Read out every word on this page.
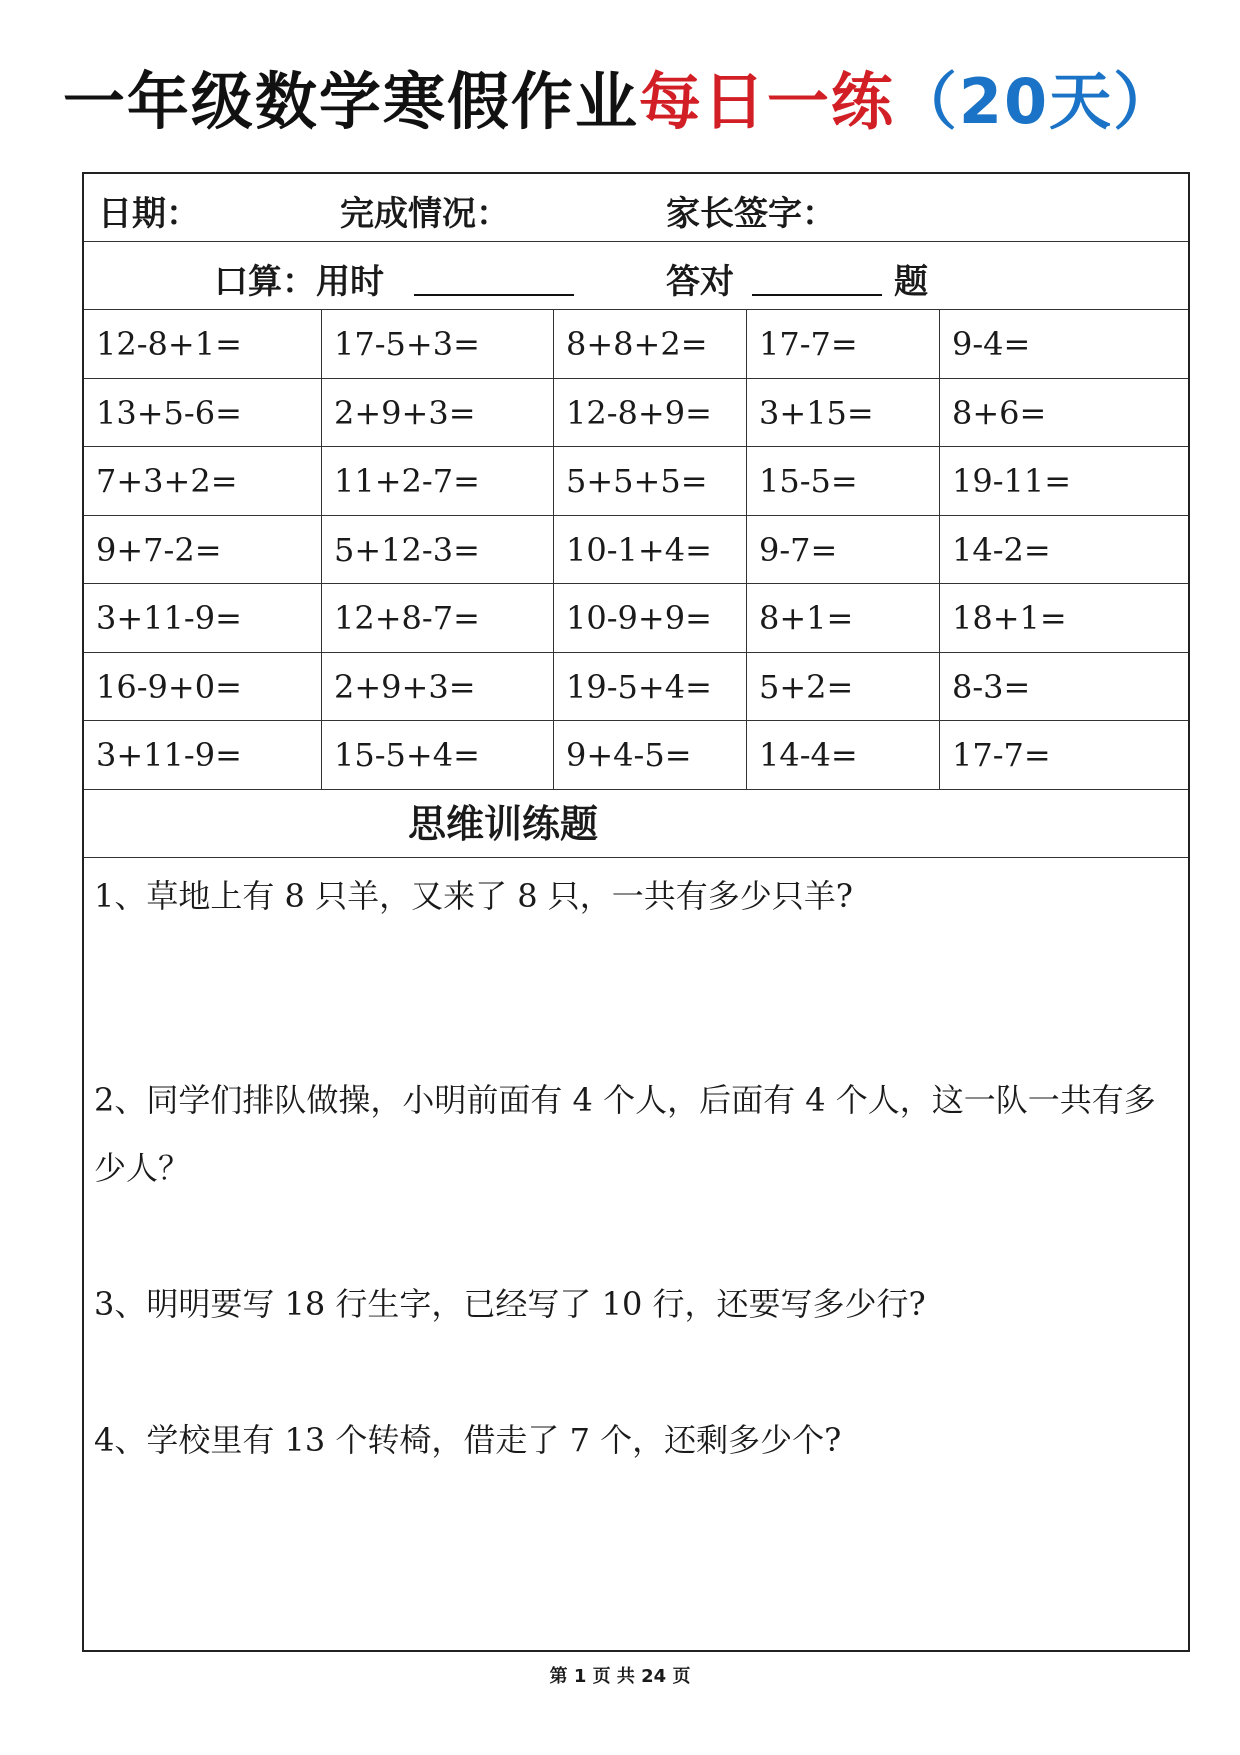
一年级数学寒假作业每日一练（20天）
日期：	完成情况：	家长签字：
口算：用时	答对	题
12-8+1=	17-5+3=	8+8+2=	17-7=	9-4=
13+5-6=	2+9+3=	12-8+9=	3+15=	8+6=
7+3+2=	11+2-7=	5+5+5=	15-5=	19-11=
9+7-2=	5+12-3=	10-1+4=	9-7=	14-2=
3+11-9=	12+8-7=	10-9+9=	8+1=	18+1=
16-9+0=	2+9+3=	19-5+4=	5+2=	8-3=
3+11-9=	15-5+4=	9+4-5=	14-4=	17-7=
思维训练题
1、草地上有 8 只羊，又来了 8 只，一共有多少只羊?
2、同学们排队做操，小明前面有 4 个人，后面有 4 个人，这一队一共有多少人？
3、明明要写 18 行生字，已经写了 10 行，还要写多少行?
4、学校里有 13 个转椅，借走了 7 个，还剩多少个?
第 1 页 共 24 页
